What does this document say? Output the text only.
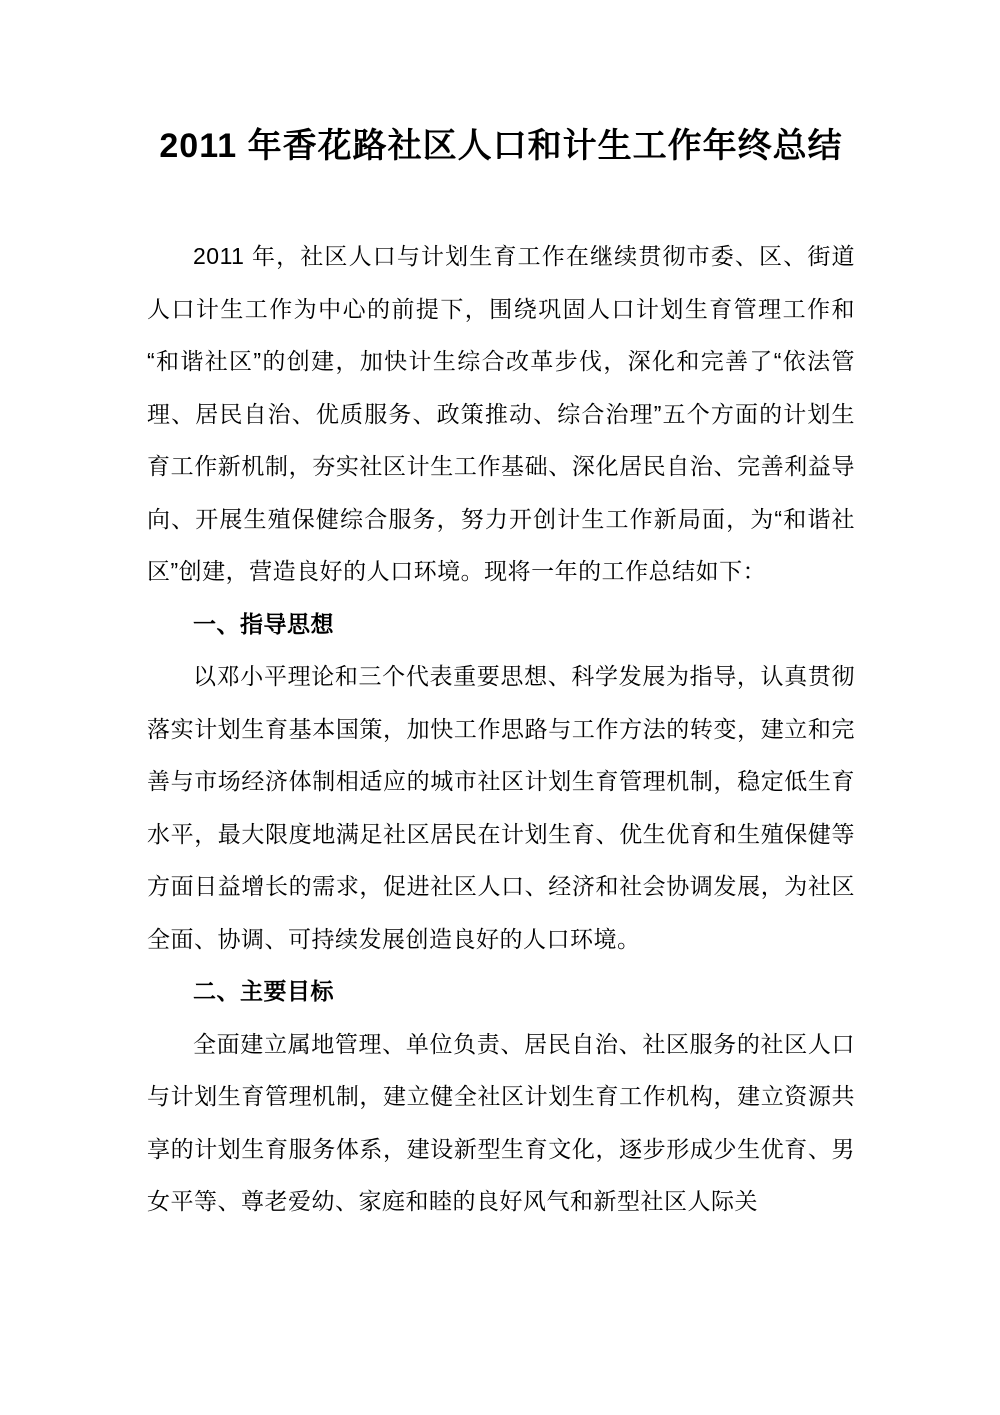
2011 年香花路社区人口和计生工作年终总结

2011 年，社区人口与计划生育工作在继续贯彻市委、区、街道人口计生工作为中心的前提下，围绕巩固人口计划生育管理工作和“和谐社区”的创建，加快计生综合改革步伐，深化和完善了“依法管理、居民自治、优质服务、政策推动、综合治理”五个方面的计划生育工作新机制，夯实社区计生工作基础、深化居民自治、完善利益导向、开展生殖保健综合服务，努力开创计生工作新局面，为“和谐社区”创建，营造良好的人口环境。现将一年的工作总结如下：

一、指导思想

以邓小平理论和三个代表重要思想、科学发展为指导，认真贯彻落实计划生育基本国策，加快工作思路与工作方法的转变，建立和完善与市场经济体制相适应的城市社区计划生育管理机制，稳定低生育水平，最大限度地满足社区居民在计划生育、优生优育和生殖保健等方面日益增长的需求，促进社区人口、经济和社会协调发展，为社区全面、协调、可持续发展创造良好的人口环境。

二、主要目标

全面建立属地管理、单位负责、居民自治、社区服务的社区人口与计划生育管理机制，建立健全社区计划生育工作机构，建立资源共享的计划生育服务体系，建设新型生育文化，逐步形成少生优育、男女平等、尊老爱幼、家庭和睦的良好风气和新型社区人际关
